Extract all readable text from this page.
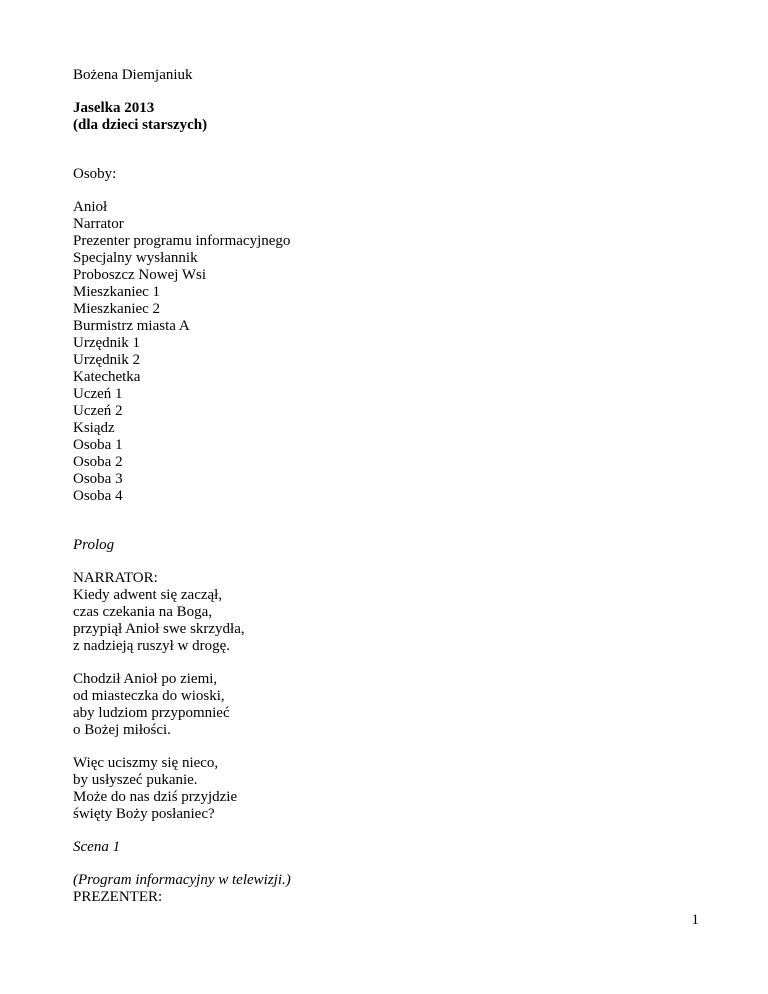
Bożena Diemjaniuk
Jaselka 2013
(dla dzieci starszych)
Osoby:
Anioł
Narrator
Prezenter programu informacyjnego
Specjalny wysłannik
Proboszcz Nowej Wsi
Mieszkaniec 1
Mieszkaniec 2
Burmistrz miasta A
Urzędnik 1
Urzędnik 2
Katechetka
Uczeń 1
Uczeń 2
Ksiądz
Osoba 1
Osoba 2
Osoba 3
Osoba 4
Prolog
NARRATOR:
Kiedy adwent się zaczął,
czas czekania na Boga,
przypiął Anioł swe skrzydła,
z nadzieją ruszył w drogę.
Chodził Anioł po ziemi,
od miasteczka do wioski,
aby ludziom przypomnieć
o Bożej miłości.
Więc uciszmy się nieco,
by usłyszeć pukanie.
Może do nas dziś przyjdzie
święty Boży posłaniec?
Scena 1
(Program informacyjny w telewizji.)
PREZENTER:
1
